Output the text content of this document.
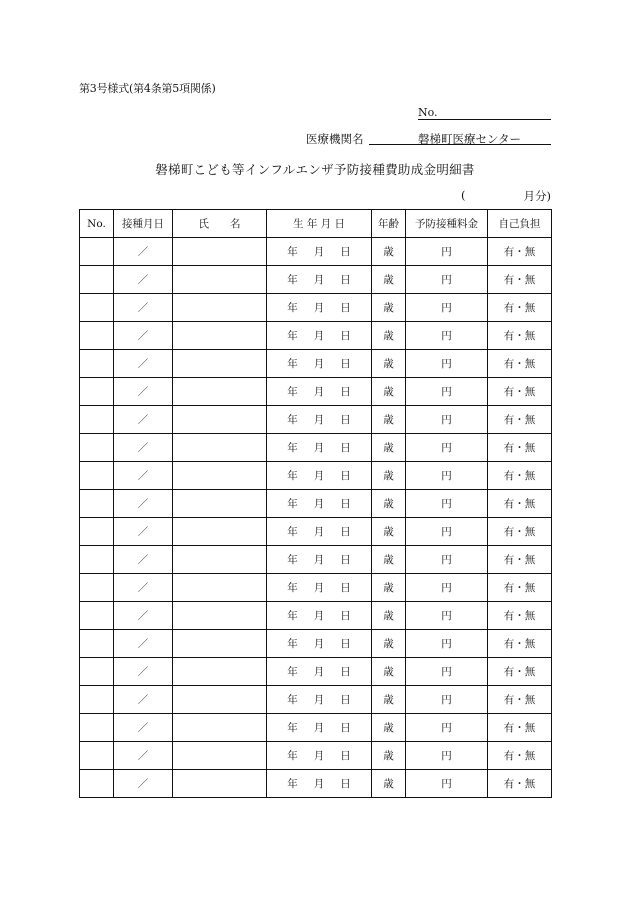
第3号様式(第4条第5項関係)
No.
医療機関名	磐梯町医療センター
磐梯町こども等インフルエンザ予防接種費助成金明細書
(	月分)
No.	接種月日	氏　　名	生 年 月 日	年齢	予防接種料金	自己負担
	／		年 月 日	歳	円	有・無
	／		年 月 日	歳	円	有・無
	／		年 月 日	歳	円	有・無
	／		年 月 日	歳	円	有・無
	／		年 月 日	歳	円	有・無
	／		年 月 日	歳	円	有・無
	／		年 月 日	歳	円	有・無
	／		年 月 日	歳	円	有・無
	／		年 月 日	歳	円	有・無
	／		年 月 日	歳	円	有・無
	／		年 月 日	歳	円	有・無
	／		年 月 日	歳	円	有・無
	／		年 月 日	歳	円	有・無
	／		年 月 日	歳	円	有・無
	／		年 月 日	歳	円	有・無
	／		年 月 日	歳	円	有・無
	／		年 月 日	歳	円	有・無
	／		年 月 日	歳	円	有・無
	／		年 月 日	歳	円	有・無
	／		年 月 日	歳	円	有・無
